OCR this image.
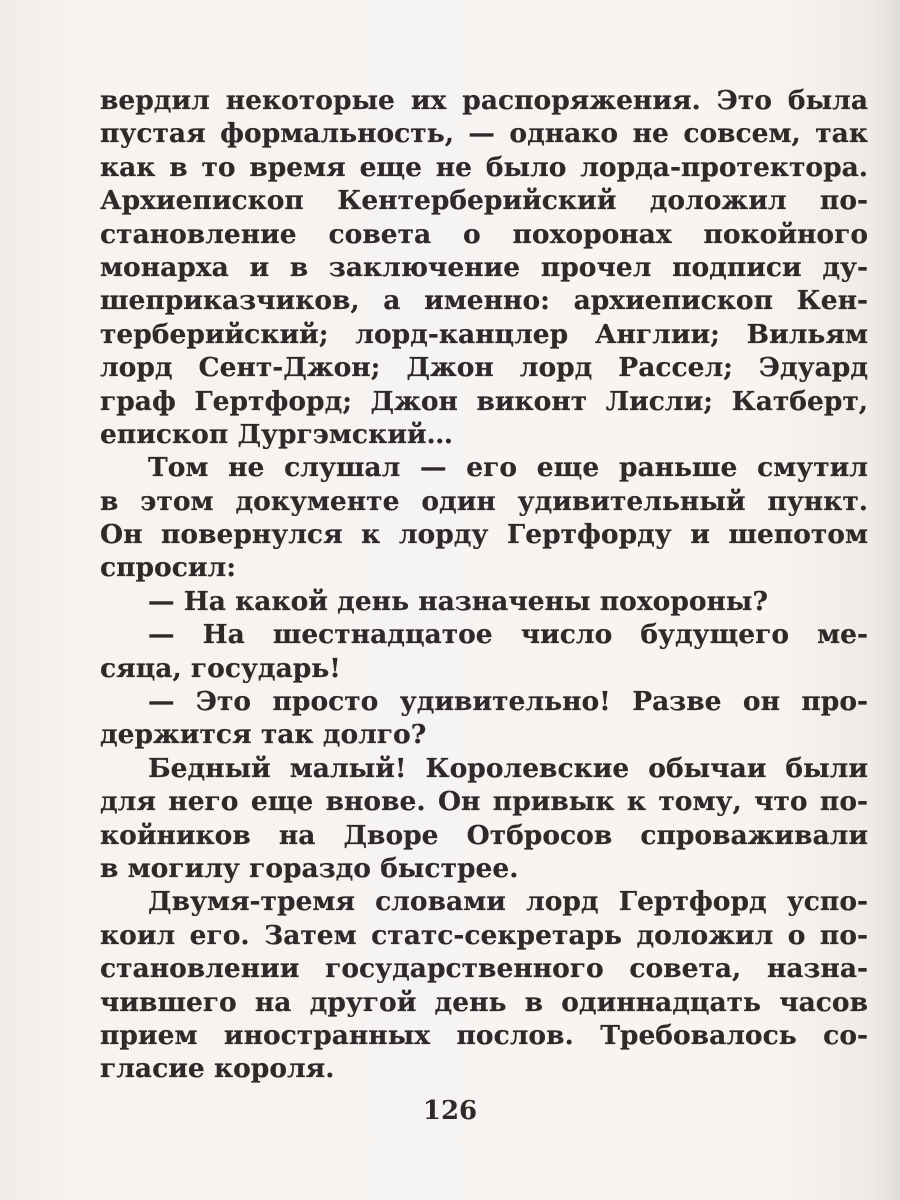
вердил некоторые их распоряжения. Это была
пустая формальность, — однако не совсем, так
как в то время еще не было лорда-протектора.
Архиепископ Кентерберийский доложил по-
становление совета о похоронах покойного
монарха и в заключение прочел подписи ду-
шеприказчиков, а именно: архиепископ Кен-
терберийский; лорд-канцлер Англии; Вильям
лорд Сент-Джон; Джон лорд Рассел; Эдуард
граф Гертфорд; Джон виконт Лисли; Катберт,
епископ Дургэмский…
Том не слушал — его еще раньше смутил
в этом документе один удивительный пункт.
Он повернулся к лорду Гертфорду и шепотом
спросил:
— На какой день назначены похороны?
— На шестнадцатое число будущего ме-
сяца, государь!
— Это просто удивительно! Разве он про-
держится так долго?
Бедный малый! Королевские обычаи были
для него еще внове. Он привык к тому, что по-
койников на Дворе Отбросов спроваживали
в могилу гораздо быстрее.
Двумя-тремя словами лорд Гертфорд успо-
коил его. Затем статс-секретарь доложил о по-
становлении государственного совета, назна-
чившего на другой день в одиннадцать часов
прием иностранных послов. Требовалось со-
гласие короля.
126
